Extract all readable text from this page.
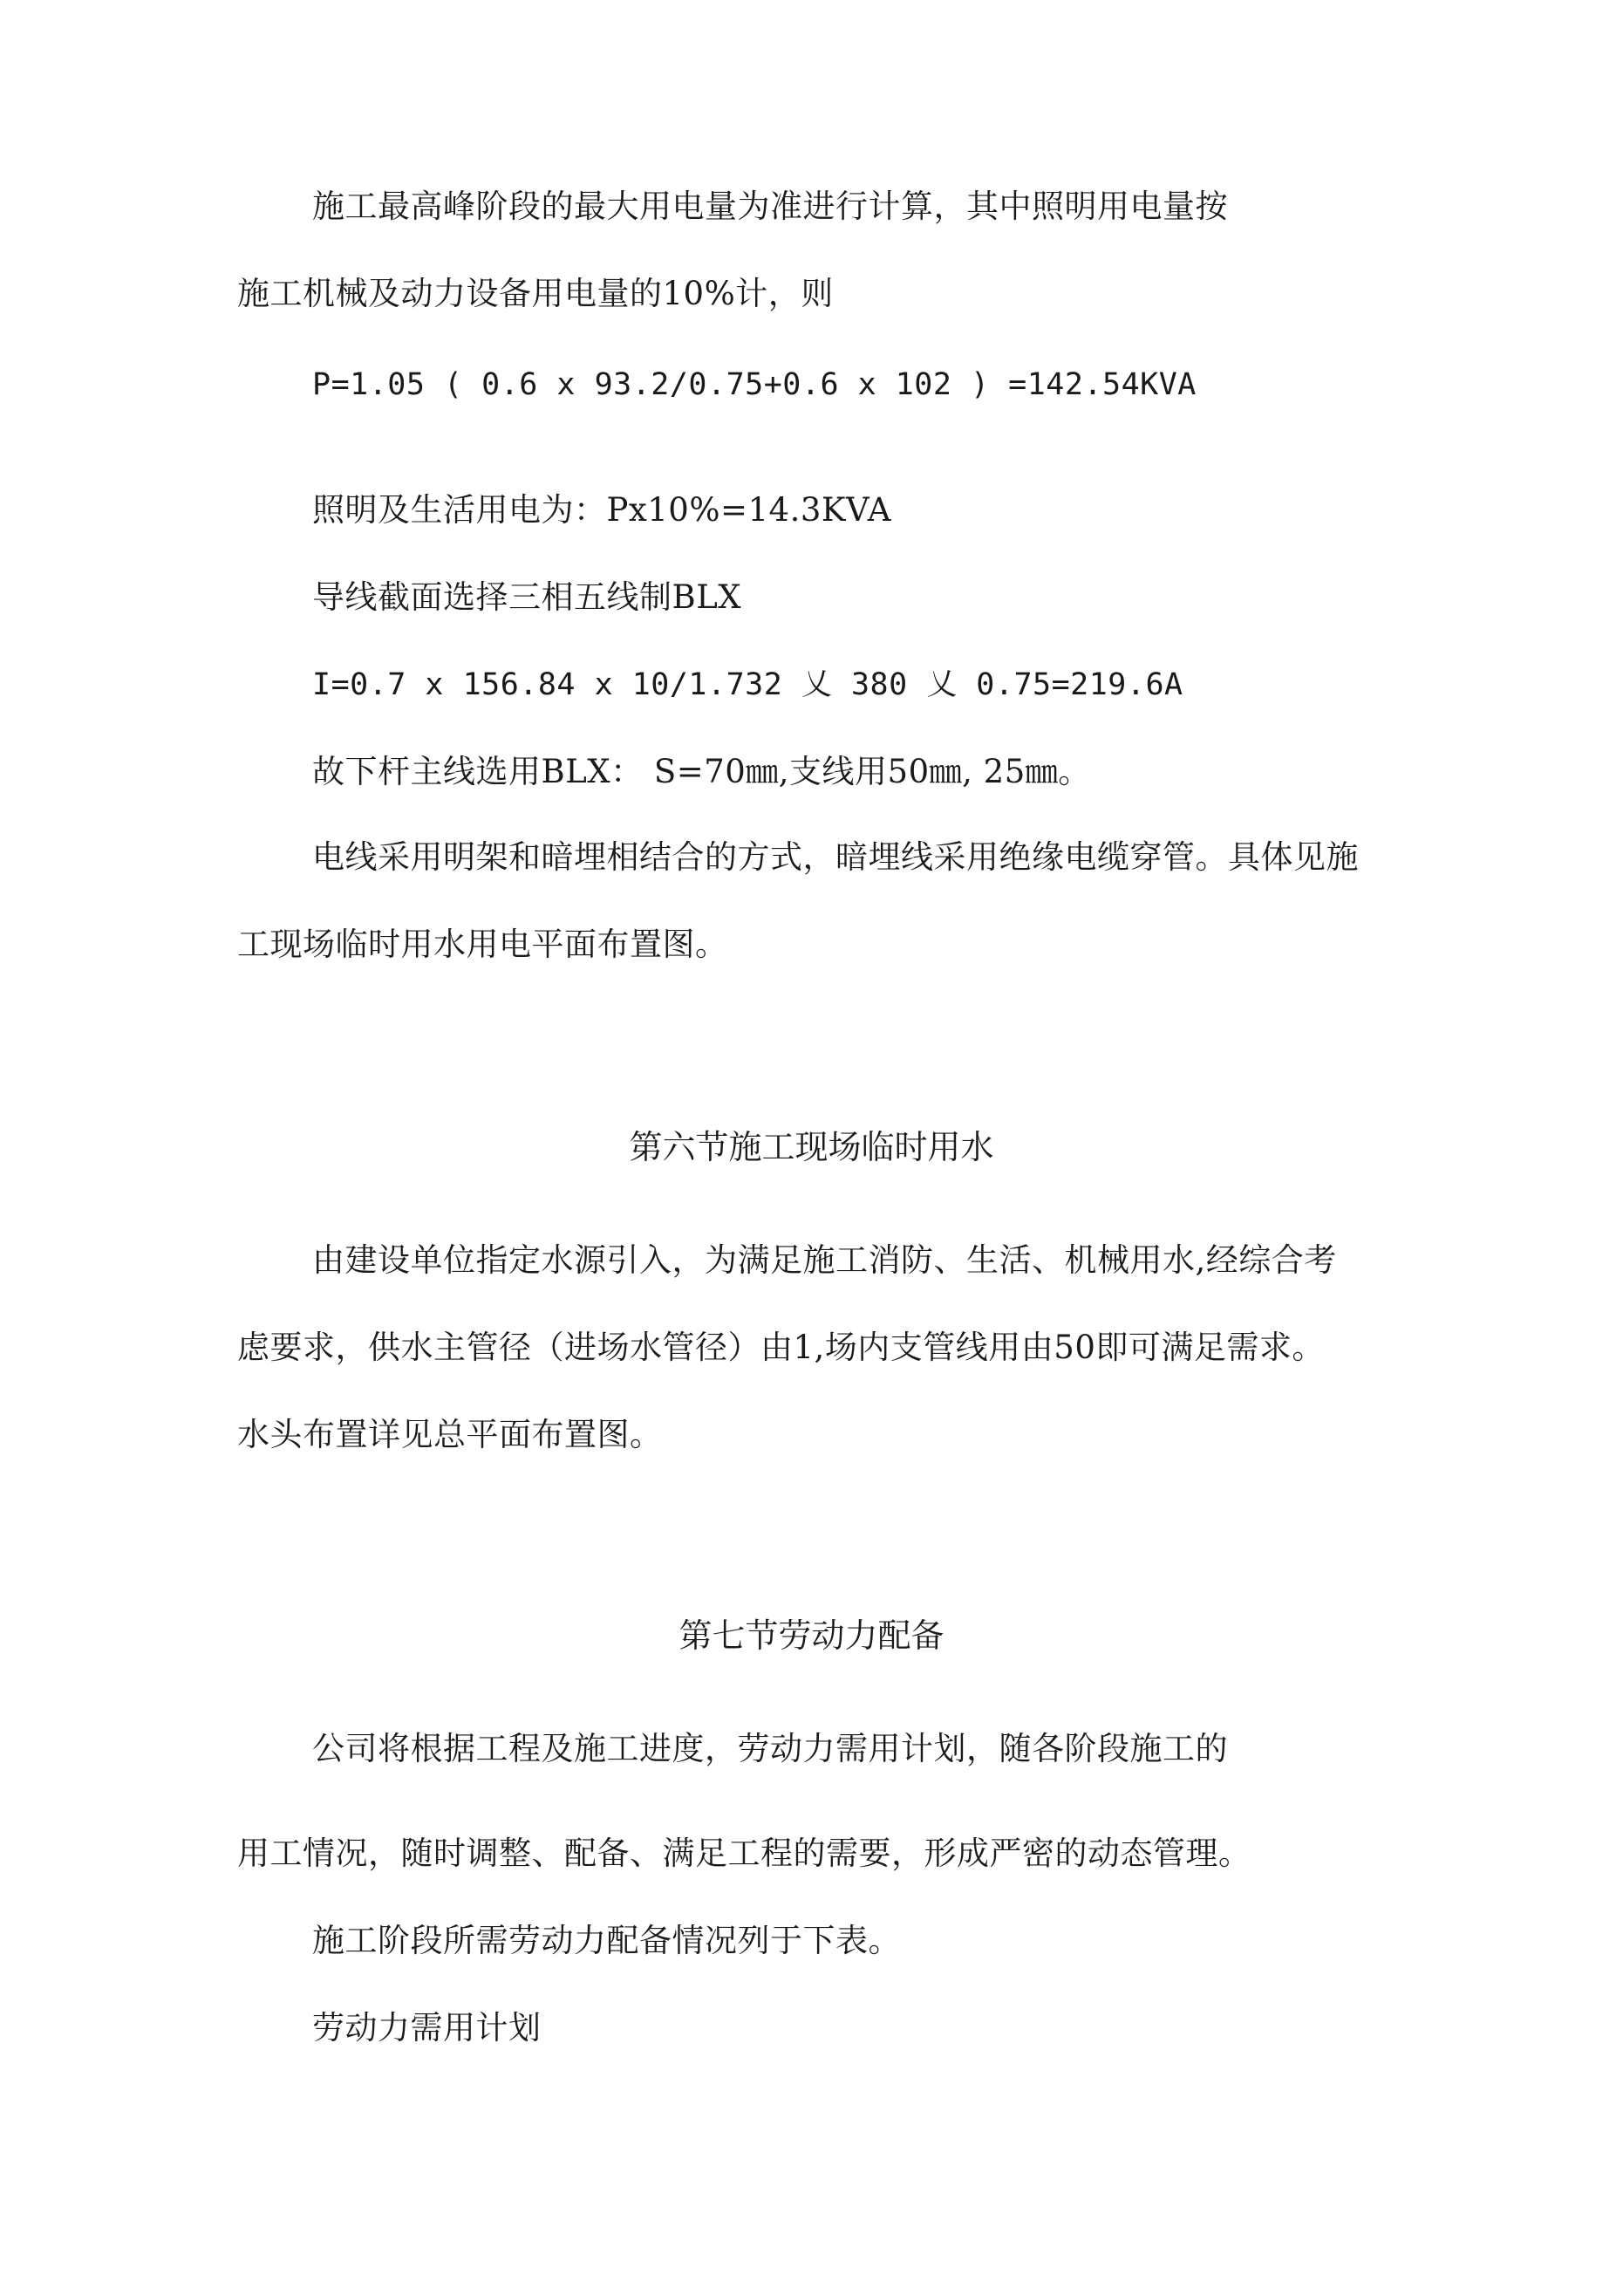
施工最高峰阶段的最大用电量为准进行计算，其中照明用电量按
施工机械及动力设备用电量的10%计，则
P=1.05 ( 0.6 x 93.2/0.75+0.6 x 102 ) =142.54KVA
照明及生活用电为：Px10%=14.3KVA
导线截面选择三相五线制BLX
I=0.7 x 156.84 x 10/1.732 乂 380 乂 0.75=219.6A
故下杆主线选用BLX： S=70㎜,支线用50㎜, 25㎜。
电线采用明架和暗埋相结合的方式，暗埋线采用绝缘电缆穿管。具体见施
工现场临时用水用电平面布置图。
第六节施工现场临时用水
由建设单位指定水源引入，为满足施工消防、生活、机械用水,经综合考
虑要求，供水主管径（进场水管径）由1,场内支管线用由50即可满足需求。
水头布置详见总平面布置图。
第七节劳动力配备
公司将根据工程及施工进度，劳动力需用计划，随各阶段施工的
用工情况，随时调整、配备、满足工程的需要，形成严密的动态管理。
施工阶段所需劳动力配备情况列于下表。
劳动力需用计划
